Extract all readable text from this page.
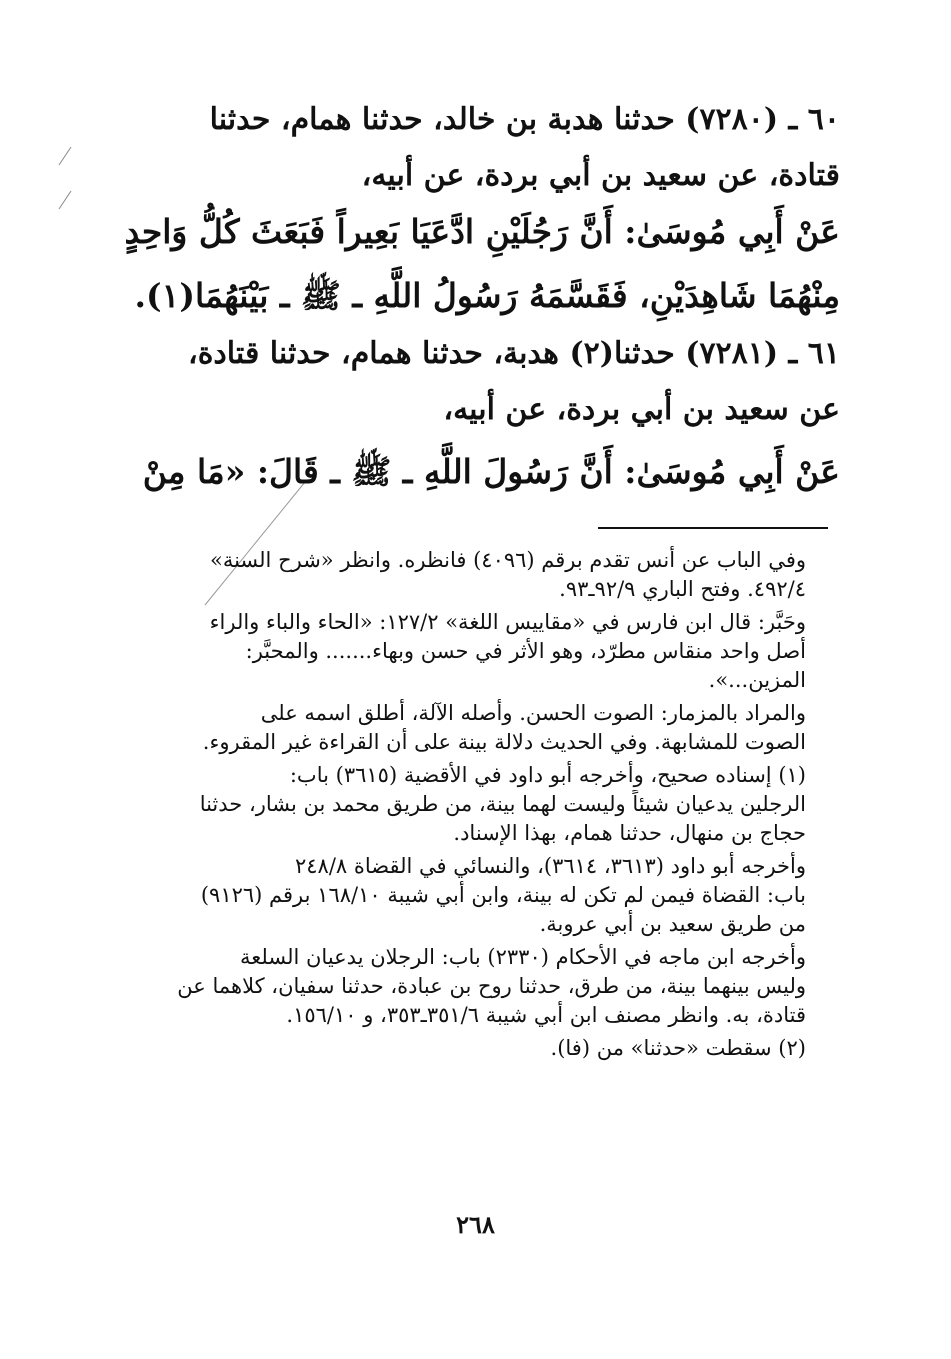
٦٠ ـ (٧٢٨٠) حدثنا هدبة بن خالد، حدثنا همام، حدثنا
قتادة، عن سعيد بن أبي بردة، عن أبيه،
عَنْ أَبِي مُوسَىٰ: أَنَّ رَجُلَيْنِ ادَّعَيَا بَعِيراً فَبَعَثَ كُلُّ وَاحِدٍ
مِنْهُمَا شَاهِدَيْنِ، فَقَسَّمَهُ رَسُولُ اللَّهِ ـ ﷺ ـ بَيْنَهُمَا(١).
٦١ ـ (٧٢٨١) حدثنا(٢) هدبة، حدثنا همام، حدثنا قتادة،
عن سعيد بن أبي بردة، عن أبيه،
عَنْ أَبِي مُوسَىٰ: أَنَّ رَسُولَ اللَّهِ ـ ﷺ ـ قَالَ: «مَا مِنْ
وفي الباب عن أنس تقدم برقم (٤٠٩٦) فانظره. وانظر «شرح السنة»
٤٩٢/٤. وفتح الباري ٩٢/٩ـ٩٣.
وحَبَّر: قال ابن فارس في «مقاييس اللغة» ١٢٧/٢: «الحاء والباء والراء
أصل واحد منقاس مطرّد، وهو الأثر في حسن وبهاء....... والمحبَّر:
المزين...».
والمراد بالمزمار: الصوت الحسن. وأصله الآلة، أطلق اسمه على
الصوت للمشابهة. وفي الحديث دلالة بينة على أن القراءة غير المقروء.
(١) إسناده صحيح، وأخرجه أبو داود في الأقضية (٣٦١٥) باب:
الرجلين يدعيان شيئاً وليست لهما بينة، من طريق محمد بن بشار، حدثنا
حجاج بن منهال، حدثنا همام، بهذا الإسناد.
وأخرجه أبو داود (٣٦١٣، ٣٦١٤)، والنسائي في القضاة ٢٤٨/٨
باب: القضاة فيمن لم تكن له بينة، وابن أبي شيبة ١٦٨/١٠ برقم (٩١٢٦)
من طريق سعيد بن أبي عروبة.
وأخرجه ابن ماجه في الأحكام (٢٣٣٠) باب: الرجلان يدعيان السلعة
وليس بينهما بينة، من طرق، حدثنا روح بن عبادة، حدثنا سفيان، كلاهما عن
قتادة، به. وانظر مصنف ابن أبي شيبة ٣٥١/٦ـ٣٥٣، و ١٥٦/١٠.
(٢) سقطت «حدثنا» من (فا).
٢٦٨
